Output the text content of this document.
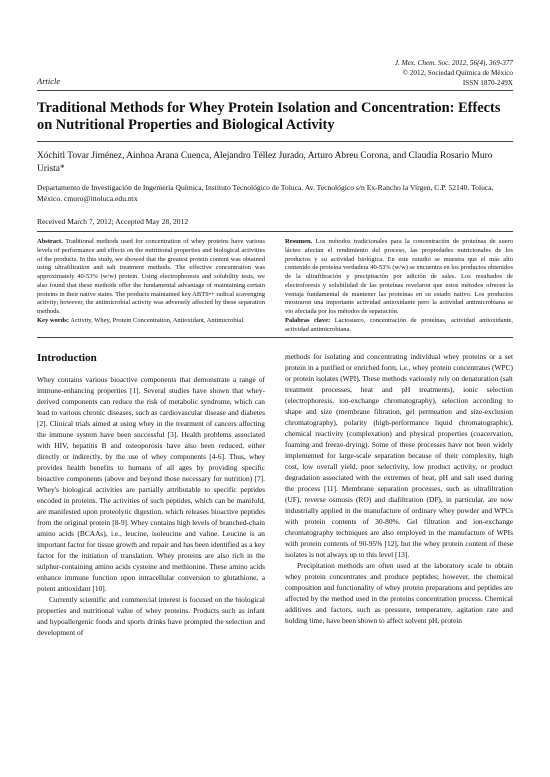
Article
J. Mex. Chem. Soc. 2012, 56(4), 369-377
© 2012, Sociedad Química de México
ISSN 1870-249X
Traditional Methods for Whey Protein Isolation and Concentration: Effects on Nutritional Properties and Biological Activity
Xóchitl Tovar Jiménez, Ainhoa Arana Cuenca, Alejandro Téllez Jurado, Arturo Abreu Corona, and Claudia Rosario Muro Urista*
Departamento de Investigación de Ingeniería Química, Instituto Tecnológico de Toluca. Av. Tecnológico s/n Ex-Rancho la Virgen, C.P. 52140. Toluca, México. cmuro@ittoluca.edu.mx
Received March 7, 2012; Accepted May 28, 2012
Abstract. Traditional methods used for concentration of whey proteins have various levels of performance and effects on the nutritional properties and biological activities of the products. In this study, we showed that the greatest protein content was obtained using ultrafiltration and salt treatment methods. The effective concentration was approximately 40-53% (w/w) protein. Using electrophoresis and solubility tests, we also found that these methods offer the fundamental advantage of maintaining certain proteins in their native states. The products maintained key ABTS•+ radical scavenging activity; however, the antimicrobial activity was adversely affected by these separation methods.
Key words: Activity, Whey, Protein Concentration, Antioxidant, Antimicrobial.
Resumen. Los métodos tradicionales para la concentración de proteínas de suero lácteo afectan el rendimiento del proceso, las propiedades nutricionales de los productos y su actividad biológica. En este estudio se muestra que el más alto contenido de proteína verdadera 40-53% (w/w) se encuentra en los productos obtenidos de la ultrafiltración y precipitación por adición de sales. Los resultados de electroforesis y solubilidad de las proteínas revelaron que estos métodos ofrecen la ventaja fundamental de mantener las proteínas en su estado nativo. Los productos mostraron una importante actividad antioxidante pero la actividad antimicrobiana se vio afectada por los métodos de separación.
Palabras clave: Lactosuero, concentración de proteínas, actividad antioxidante, actividad antimicrobiana.
Introduction

Whey contains various bioactive components that demonstrate a range of immune-enhancing properties [1]. Several studies have shown that whey-derived components can reduce the risk of metabolic syndrome, which can lead to various chronic diseases, such as cardiovascular disease and diabetes [2]. Clinical trials aimed at using whey in the treatment of cancers affecting the immune system have been successful [3]. Health problems associated with HIV, hepatitis B and osteoporosis have also been reduced, either directly or indirectly, by the use of whey components [4-6]. Thus, whey provides health benefits to humans of all ages by providing specific bioactive components (above and beyond those necessary for nutrition) [7]. Whey's biological activities are partially attributable to specific peptides encoded in proteins. The activities of such peptides, which can be manifold, are manifested upon proteolytic digestion, which releases bioactive peptides from the original protein [8-9]. Whey contains high levels of branched-chain amino acids (BCAAs), i.e., leucine, isoleucine and valine. Leucine is an important factor for tissue growth and repair and has been identified as a key factor for the initiation of translation. Whey proteins are also rich in the sulphur-containing amino acids cysteine and methionine. These amino acids enhance immune function upon intracellular conversion to glutathione, a potent antioxidant [10].

Currently scientific and commercial interest is focused on the biological properties and nutritional value of whey proteins. Products such as infant and hypoallergenic foods and sports drinks have prompted the selection and development of

methods for isolating and concentrating individual whey proteins or a set protein in a purified or enriched form, i.e., whey protein concentrates (WPC) or protein isolates (WPI). These methods variously rely on denaturation (salt treatment processes, heat and pH treatments), ionic selection (electrophoresis, ion-exchange chromatography), selection according to shape and size (membrane filtration, gel permeation and size-exclusion chromatography), polarity (high-performance liquid chromatographic), chemical reactivity (complexation) and physical properties (coacervation, foaming and freeze-drying). Some of these processes have not been widely implemented for large-scale separation because of their complexity, high cost, low overall yield, poor selectivity, low product activity, or product degradation associated with the extremes of heat, pH and salt used during the process [11]. Membrane separation processes, such as ultrafiltration (UF), reverse osmosis (RO) and diafiltration (DF), in particular, are now industrially applied in the manufacture of ordinary whey powder and WPCs with protein contents of 30-80%. Gel filtration and ion-exchange chromatography techniques are also employed in the manufacture of WPIs with protein contents of 90-95% [12], but the whey protein content of these isolates is not always up to this level [13].

Precipitation methods are often used at the laboratory scale to obtain whey protein concentrates and produce peptides; however, the chemical composition and functionality of whey protein preparations and peptides are affected by the method used in the proteins concentration process. Chemical additives and factors, such as pressure, temperature, agitation rate and holding time, have been shown to affect solvent pH, protein
